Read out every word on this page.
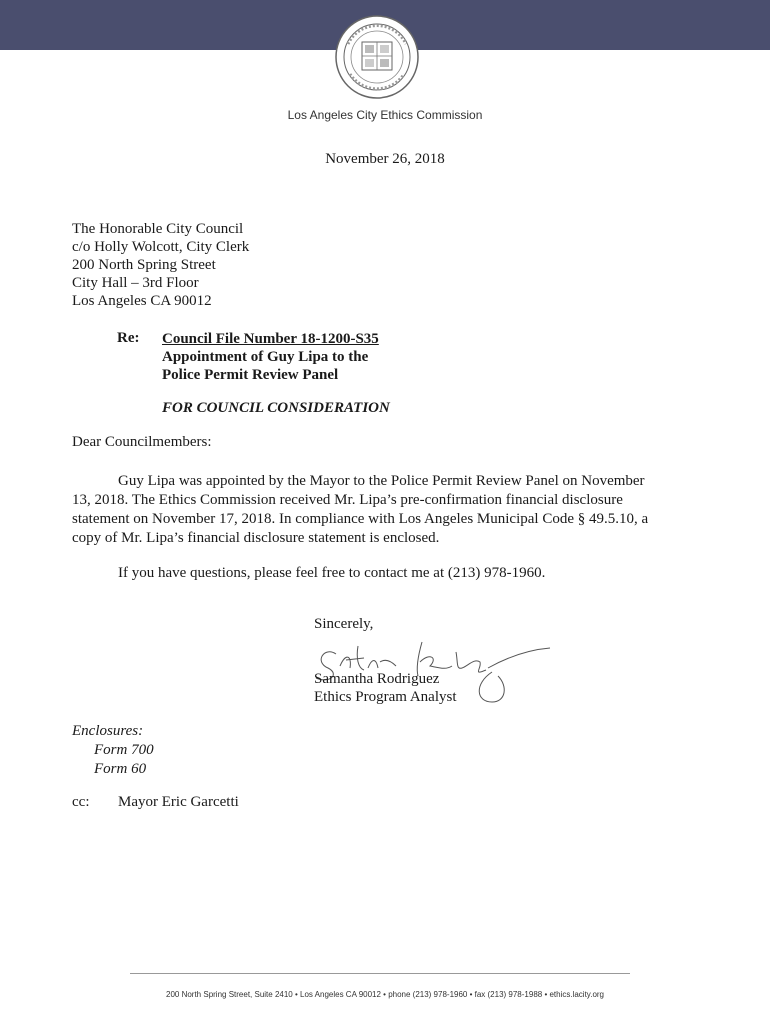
Los Angeles City Ethics Commission
November 26, 2018
The Honorable City Council
c/o Holly Wolcott, City Clerk
200 North Spring Street
City Hall – 3rd Floor
Los Angeles CA 90012
Re: Council File Number 18-1200-S35
Appointment of Guy Lipa to the
Police Permit Review Panel
FOR COUNCIL CONSIDERATION
Dear Councilmembers:
Guy Lipa was appointed by the Mayor to the Police Permit Review Panel on November 13, 2018. The Ethics Commission received Mr. Lipa’s pre-confirmation financial disclosure statement on November 17, 2018. In compliance with Los Angeles Municipal Code § 49.5.10, a copy of Mr. Lipa’s financial disclosure statement is enclosed.
If you have questions, please feel free to contact me at (213) 978-1960.
Sincerely,
Samantha Rodriguez
Ethics Program Analyst
Enclosures:
Form 700
Form 60
cc: Mayor Eric Garcetti
200 North Spring Street, Suite 2410 • Los Angeles CA 90012 • phone (213) 978-1960 • fax (213) 978-1988 • ethics.lacity.org
